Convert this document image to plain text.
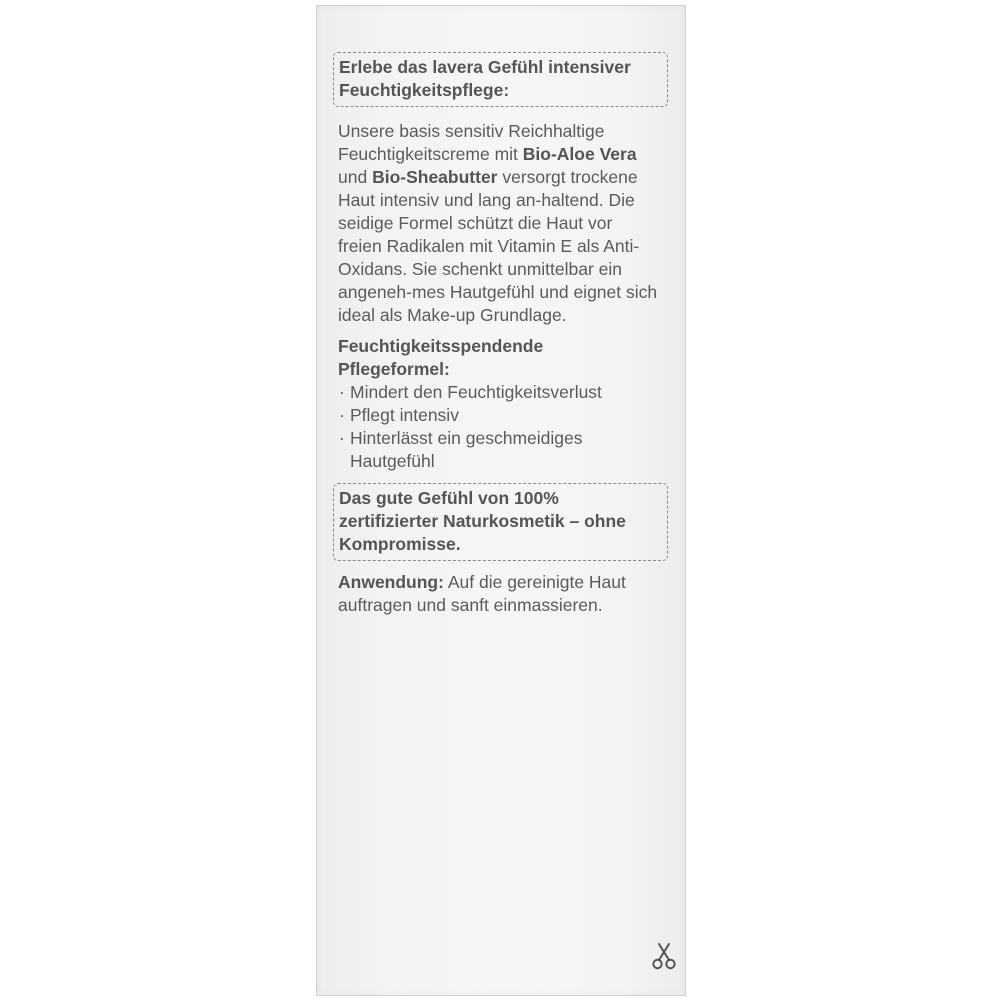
Erlebe das lavera Gefühl intensiver Feuchtigkeitspflege:

Unsere basis sensitiv Reichhaltige Feuchtigkeitscreme mit Bio-Aloe Vera und Bio-Sheabutter versorgt trockene Haut intensiv und lang an-haltend. Die seidige Formel schützt die Haut vor freien Radikalen mit Vitamin E als Anti-Oxidans. Sie schenkt unmittelbar ein angeneh-mes Hautgefühl und eignet sich ideal als Make-up Grundlage.

Feuchtigkeitsspendende Pflegeformel:

· Mindert den Feuchtigkeitsverlust
· Pflegt intensiv
· Hinterlässt ein geschmeidiges Hautgefühl

Das gute Gefühl von 100% zertifizierter Naturkosmetik – ohne Kompromisse.

Anwendung: Auf die gereinigte Haut auftragen und sanft einmassieren.
